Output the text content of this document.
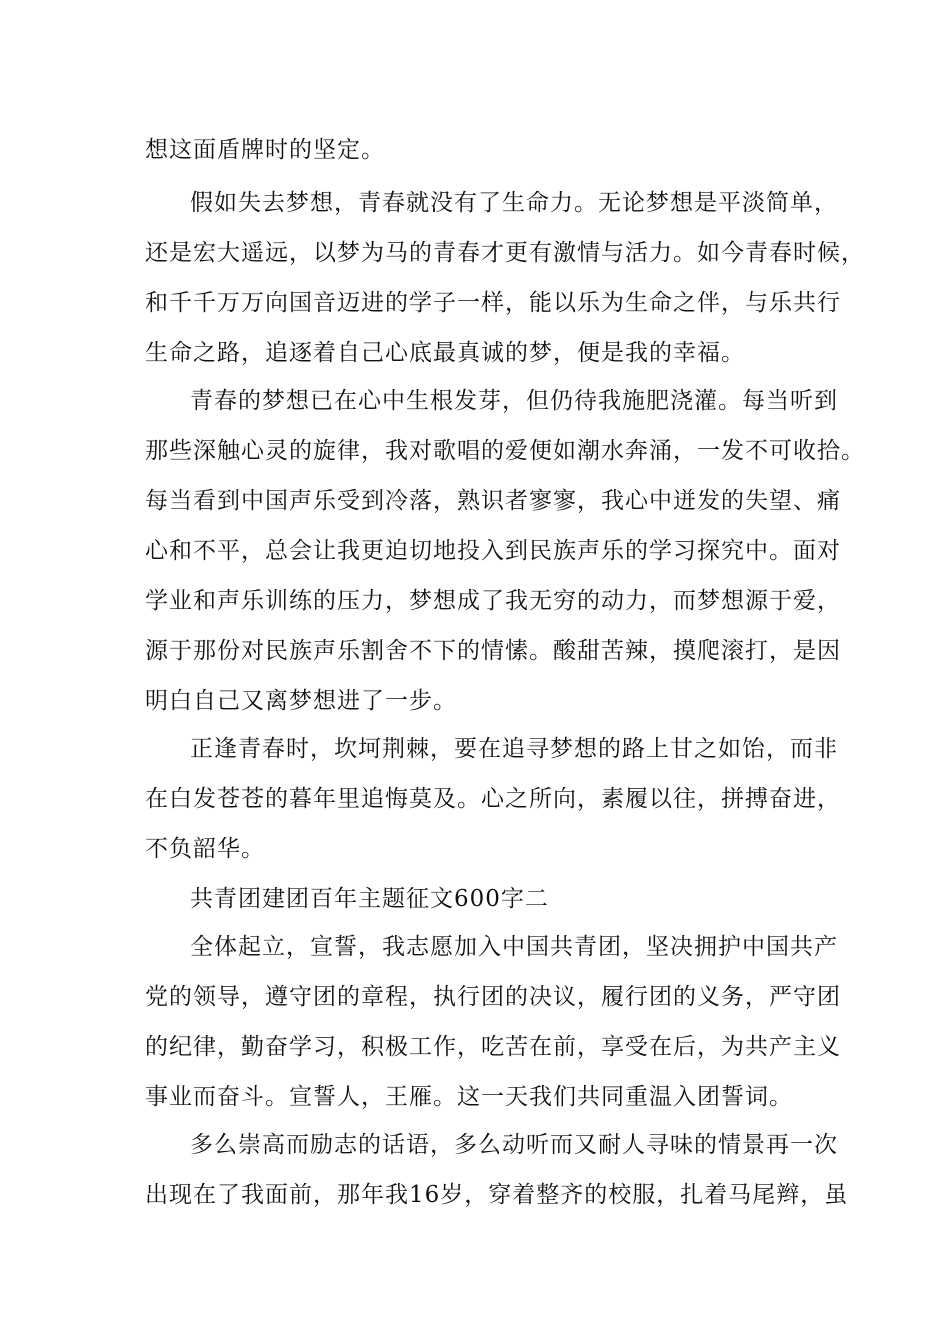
想这面盾牌时的坚定。
假如失去梦想，青春就没有了生命力。无论梦想是平淡简单，
还是宏大遥远，以梦为马的青春才更有激情与活力。如今青春时候，
和千千万万向国音迈进的学子一样，能以乐为生命之伴，与乐共行
生命之路，追逐着自己心底最真诚的梦，便是我的幸福。
青春的梦想已在心中生根发芽，但仍待我施肥浇灌。每当听到
那些深触心灵的旋律，我对歌唱的爱便如潮水奔涌，一发不可收拾。
每当看到中国声乐受到冷落，熟识者寥寥，我心中迸发的失望、痛
心和不平，总会让我更迫切地投入到民族声乐的学习探究中。面对
学业和声乐训练的压力，梦想成了我无穷的动力，而梦想源于爱，
源于那份对民族声乐割舍不下的情愫。酸甜苦辣，摸爬滚打，是因
明白自己又离梦想进了一步。
正逢青春时，坎坷荆棘，要在追寻梦想的路上甘之如饴，而非
在白发苍苍的暮年里追悔莫及。心之所向，素履以往，拼搏奋进，
不负韶华。
共青团建团百年主题征文600字二
全体起立，宣誓，我志愿加入中国共青团，坚决拥护中国共产
党的领导，遵守团的章程，执行团的决议，履行团的义务，严守团
的纪律，勤奋学习，积极工作，吃苦在前，享受在后，为共产主义
事业而奋斗。宣誓人，王雁。这一天我们共同重温入团誓词。
多么崇高而励志的话语，多么动听而又耐人寻味的情景再一次
出现在了我面前，那年我16岁，穿着整齐的校服，扎着马尾辫，虽
